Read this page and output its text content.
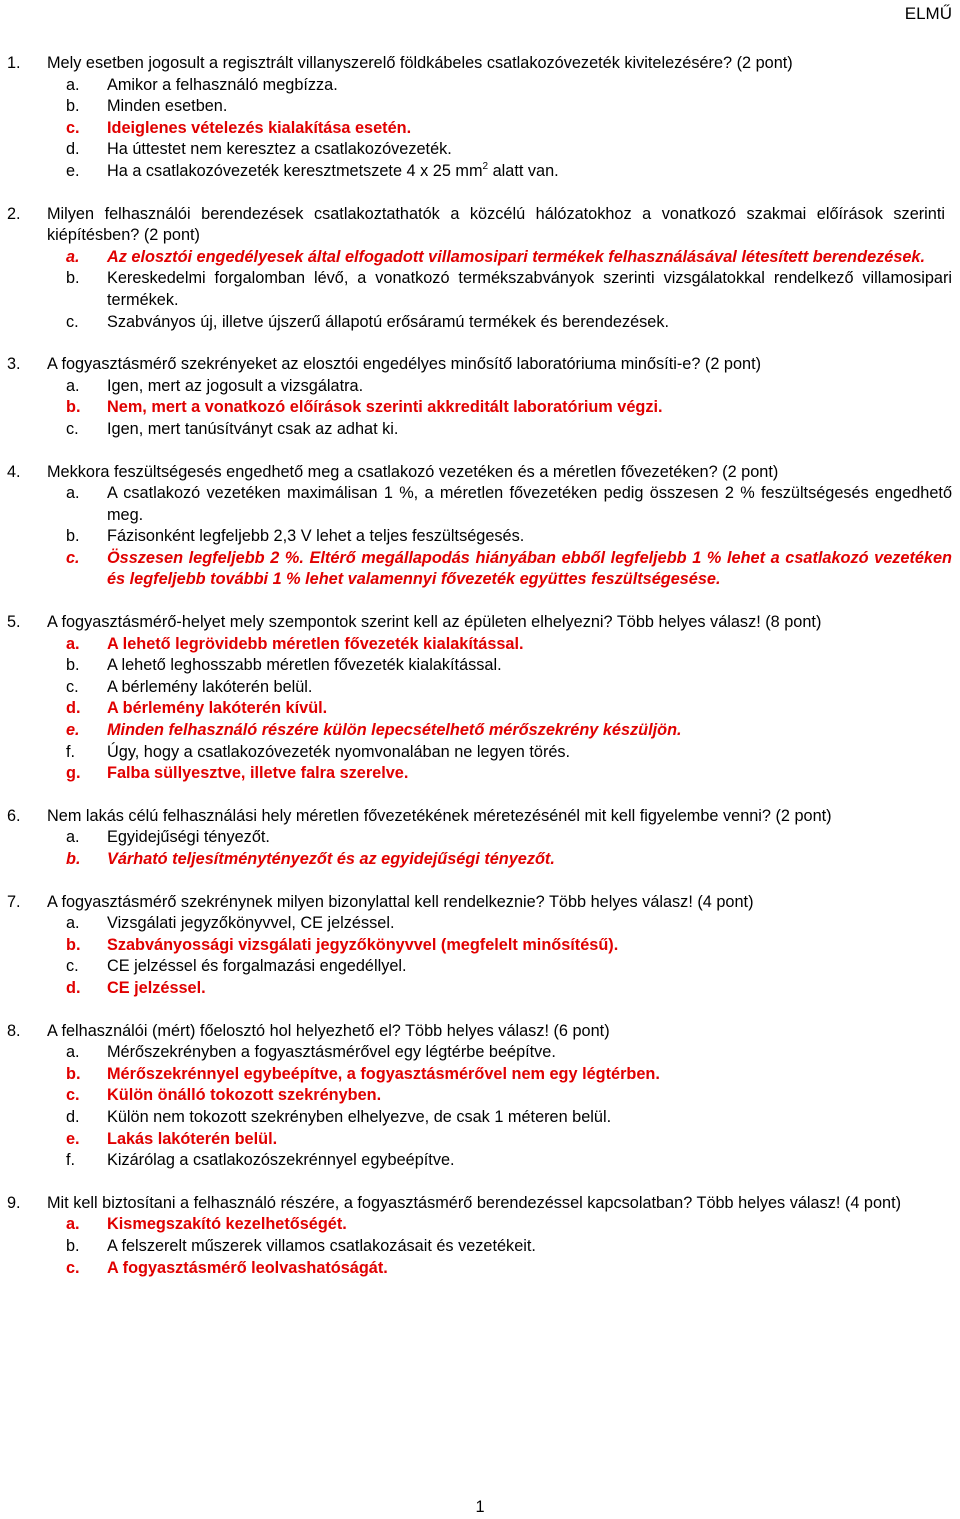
ELMŰ
1.	Mely esetben jogosult a regisztrált villanyszerelő földkábeles csatlakozóvezeték kivitelezésére? (2 pont)
a. Amikor a felhasználó megbízza.
b. Minden esetben.
c. Ideiglenes vételezés kialakítása esetén.
d. Ha úttestet nem keresztez a csatlakozóvezeték.
e. Ha a csatlakozóvezeték keresztmetszete 4 x 25 $mm^2$ alatt van.
2.	Milyen felhasználói berendezések csatlakoztathatók a közcélú hálózatokhoz a vonatkozó szakmai előírások szerinti kiépítésben? (2 pont)
a. Az elosztói engedélyesek által elfogadott villamosipari termékek felhasználásával létesített berendezések.
b. Kereskedelmi forgalomban lévő, a vonatkozó termékszabványok szerinti vizsgálatokkal rendelkező villamosipari termékek.
c. Szabványos új, illetve újszerű állapotú erősáramú termékek és berendezések.
3.	A fogyasztásmérő szekrényeket az elosztói engedélyes minősítő laboratóriuma minősíti-e? (2 pont)
a. Igen, mert az jogosult a vizsgálatra.
b. Nem, mert a vonatkozó előírások szerinti akkreditált laboratórium végzi.
c. Igen, mert tanúsítványt csak az adhat ki.
4.	Mekkora feszültségesés engedhető meg a csatlakozó vezetéken és a méretlen fővezetéken? (2 pont)
a. A csatlakozó vezetéken maximálisan 1 %, a méretlen fővezetéken pedig összesen 2 % feszültségesés engedhető meg.
b. Fázisonként legfeljebb 2,3 V lehet a teljes feszültségesés.
c. Összesen legfeljebb 2 %. Eltérő megállapodás hiányában ebből legfeljebb 1 % lehet a csatlakozó vezetéken és legfeljebb további 1 % lehet valamennyi fővezeték együttes feszültségesése.
5.	A fogyasztásmérő-helyet mely szempontok szerint kell az épületen elhelyezni? Több helyes válasz! (8 pont)
a. A lehető legrövidebb méretlen fővezeték kialakítással.
b. A lehető leghosszabb méretlen fővezeték kialakítással.
c. A bérlemény lakóterén belül.
d. A bérlemény lakóterén kívül.
e. Minden felhasználó részére külön lepecsételhető mérőszekrény készüljön.
f. Úgy, hogy a csatlakozóvezeték nyomvonalában ne legyen törés.
g. Falba süllyesztve, illetve falra szerelve.
6.	Nem lakás célú felhasználási hely méretlen fővezetékének méretezésénél mit kell figyelembe venni? (2 pont)
a. Egyidejűségi tényezőt.
b. Várható teljesítménytényezőt és az egyidejűségi tényezőt.
7.	A fogyasztásmérő szekrénynek milyen bizonylattal kell rendelkeznie? Több helyes válasz! (4 pont)
a. Vizsgálati jegyzőkönyvvel, CE jelzéssel.
b. Szabványossági vizsgálati jegyzőkönyvvel (megfelelt minősítésű).
c. CE jelzéssel és forgalmazási engedéllyel.
d. CE jelzéssel.
8.	A felhasználói (mért) főelosztó hol helyezhető el? Több helyes válasz! (6 pont)
a. Mérőszekrényben a fogyasztásmérővel egy légtérbe beépítve.
b. Mérőszekrénnyel egybeépítve, a fogyasztásmérővel nem egy légtérben.
c. Külön önálló tokozott szekrényben.
d. Külön nem tokozott szekrényben elhelyezve, de csak 1 méteren belül.
e. Lakás lakóterén belül.
f. Kizárólag a csatlakozószekrénnyel egybeépítve.
9.	Mit kell biztosítani a felhasználó részére, a fogyasztásmérő berendezéssel kapcsolatban? Több helyes válasz! (4 pont)
a. Kismegszakító kezelhetőségét.
b. A felszerelt műszerek villamos csatlakozásait és vezetékeit.
c. A fogyasztásmérő leolvashatóságát.
1
